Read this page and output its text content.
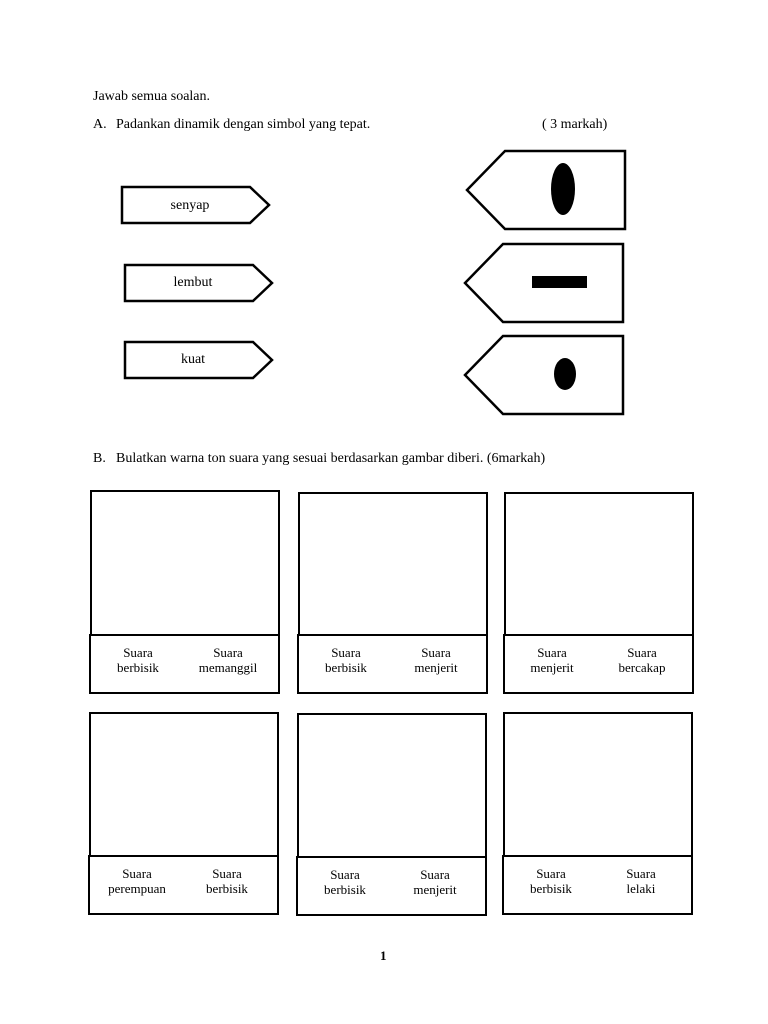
Jawab semua soalan.
A. Padankan dinamik dengan simbol yang tepat.	( 3 markah)
senyap
lembut
kuat
B. Bulatkan warna ton suara yang sesuai berdasarkan gambar diberi. (6markah)
Suara
berbisik
Suara
memanggil
Suara
berbisik
Suara
menjerit
Suara
menjerit
Suara
bercakap
Suara
perempuan
Suara
berbisik
Suara
berbisik
Suara
menjerit
Suara
berbisik
Suara
lelaki
1
